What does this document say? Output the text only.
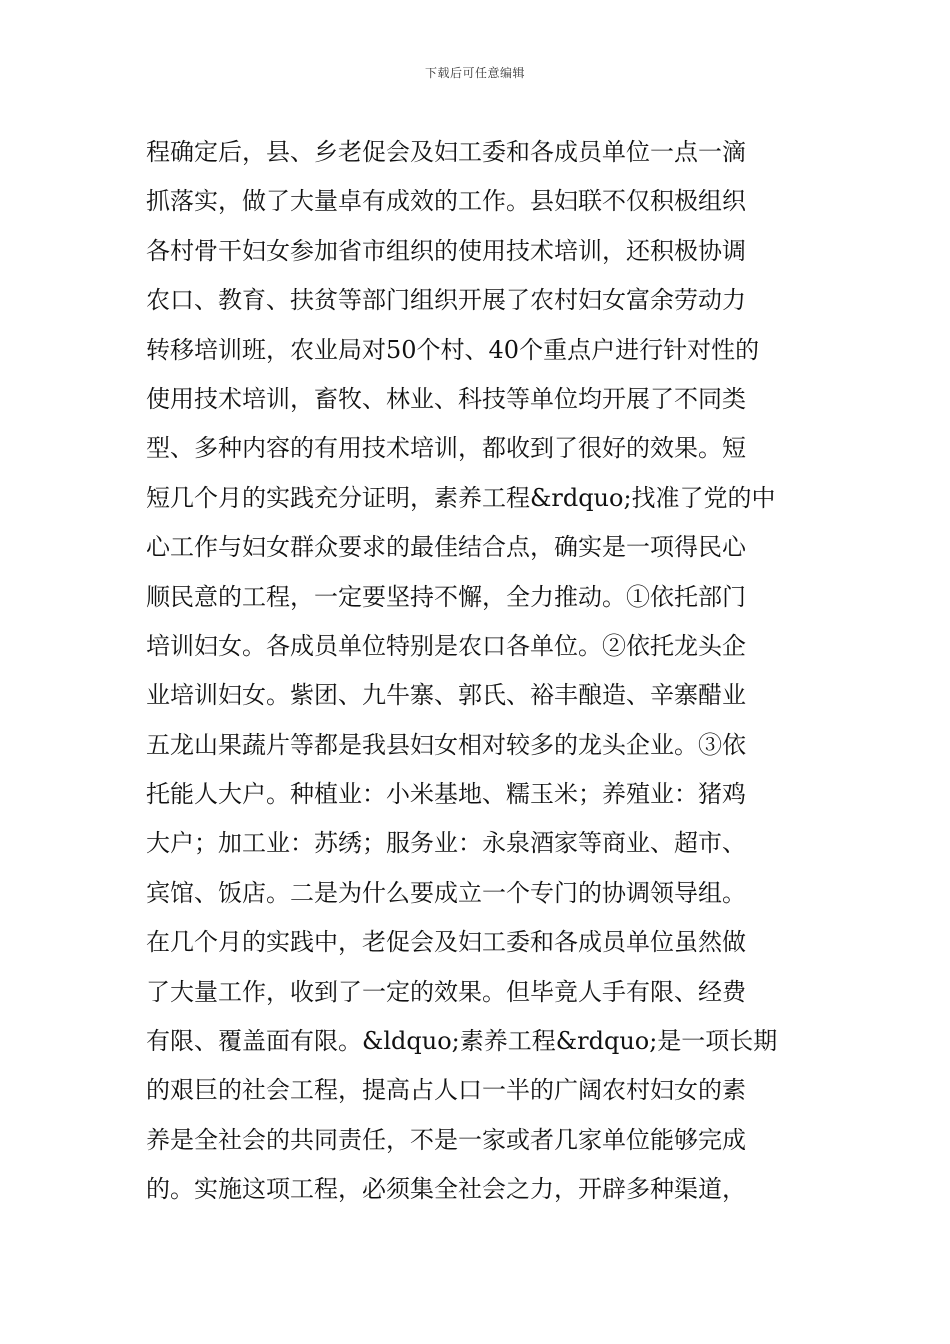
下载后可任意编辑
程确定后，县、乡老促会及妇工委和各成员单位一点一滴
抓落实，做了大量卓有成效的工作。县妇联不仅积极组织
各村骨干妇女参加省市组织的使用技术培训，还积极协调
农口、教育、扶贫等部门组织开展了农村妇女富余劳动力
转移培训班，农业局对50个村、40个重点户进行针对性的
使用技术培训，畜牧、林业、科技等单位均开展了不同类
型、多种内容的有用技术培训，都收到了很好的效果。短
短几个月的实践充分证明，素养工程&rdquo;找准了党的中
心工作与妇女群众要求的最佳结合点，确实是一项得民心
顺民意的工程，一定要坚持不懈，全力推动。①依托部门
培训妇女。各成员单位特别是农口各单位。②依托龙头企
业培训妇女。紫团、九牛寨、郭氏、裕丰酿造、辛寨醋业
五龙山果蔬片等都是我县妇女相对较多的龙头企业。③依
托能人大户。种植业：小米基地、糯玉米；养殖业：猪鸡
大户；加工业：苏绣；服务业：永泉酒家等商业、超市、
宾馆、饭店。二是为什么要成立一个专门的协调领导组。
在几个月的实践中，老促会及妇工委和各成员单位虽然做
了大量工作，收到了一定的效果。但毕竟人手有限、经费
有限、覆盖面有限。&ldquo;素养工程&rdquo;是一项长期
的艰巨的社会工程，提高占人口一半的广阔农村妇女的素
养是全社会的共同责任，不是一家或者几家单位能够完成
的。实施这项工程，必须集全社会之力，开辟多种渠道，
